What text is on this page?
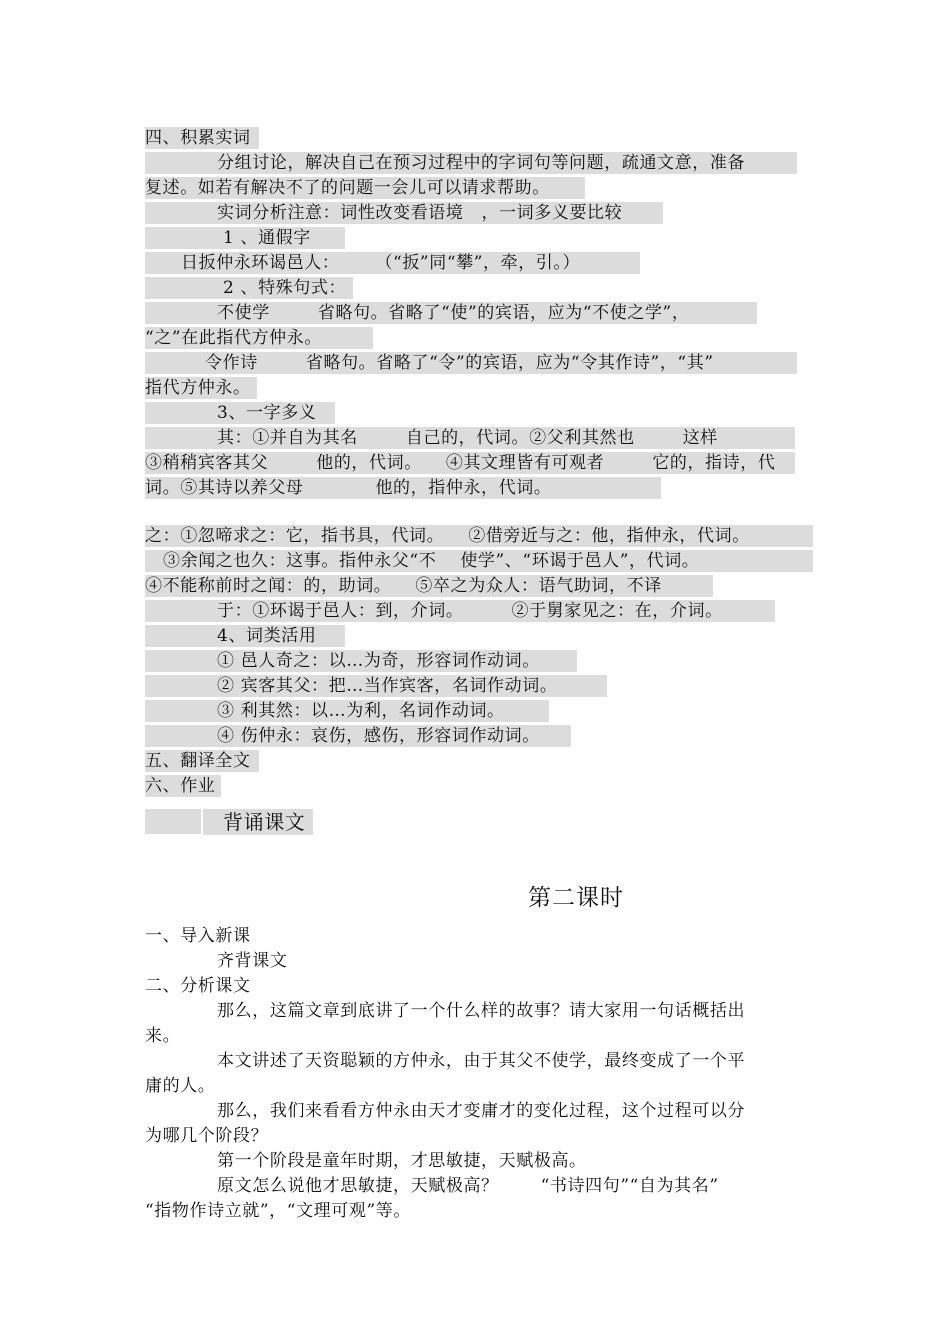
四、积累实词
分组讨论，解决自己在预习过程中的字词句等问题，疏通文意，准备
复述。如若有解决不了的问题一会儿可以请求帮助。
实词分析注意：词性改变看语境   ，一词多义要比较
1 、通假字
日扳仲永环谒邑人：      （“扳”同“攀”，牵，引。）
2 、特殊句式：
不使学        省略句。省略了“使”的宾语，应为“不使之学”，
“之”在此指代方仲永。
令作诗        省略句。省略了“令”的宾语，应为“令其作诗”，“其”
指代方仲永。
3、一字多义
其：①并自为其名        自己的，代词。②父利其然也        这样
③稍稍宾客其父        他的，代词。    ④其文理皆有可观者        它的，指诗，代
词。⑤其诗以养父母            他的，指仲永，代词。
之：①忽啼求之：它，指书具，代词。    ②借旁近与之：他，指仲永，代词。
③余闻之也久：这事。指仲永父“不    使学”、“环谒于邑人”，代词。
④不能称前时之闻：的，助词。    ⑤卒之为众人：语气助词，不译
于：①环谒于邑人：到，介词。        ②于舅家见之：在，介词。
4、词类活用
① 邑人奇之：以…为奇，形容词作动词。
② 宾客其父：把…当作宾客，名词作动词。
③ 利其然：以…为利，名词作动词。
④ 伤仲永：哀伤，感伤，形容词作动词。
五、翻译全文
六、作业
背诵课文
第二课时
一、导入新课
齐背课文
二、分析课文
那么，这篇文章到底讲了一个什么样的故事？请大家用一句话概括出
来。
本文讲述了天资聪颖的方仲永，由于其父不使学，最终变成了一个平
庸的人。
那么，我们来看看方仲永由天才变庸才的变化过程，这个过程可以分
为哪几个阶段？
第一个阶段是童年时期，才思敏捷，天赋极高。
原文怎么说他才思敏捷，天赋极高？       “书诗四句”“自为其名”
“指物作诗立就”，“文理可观”等。
